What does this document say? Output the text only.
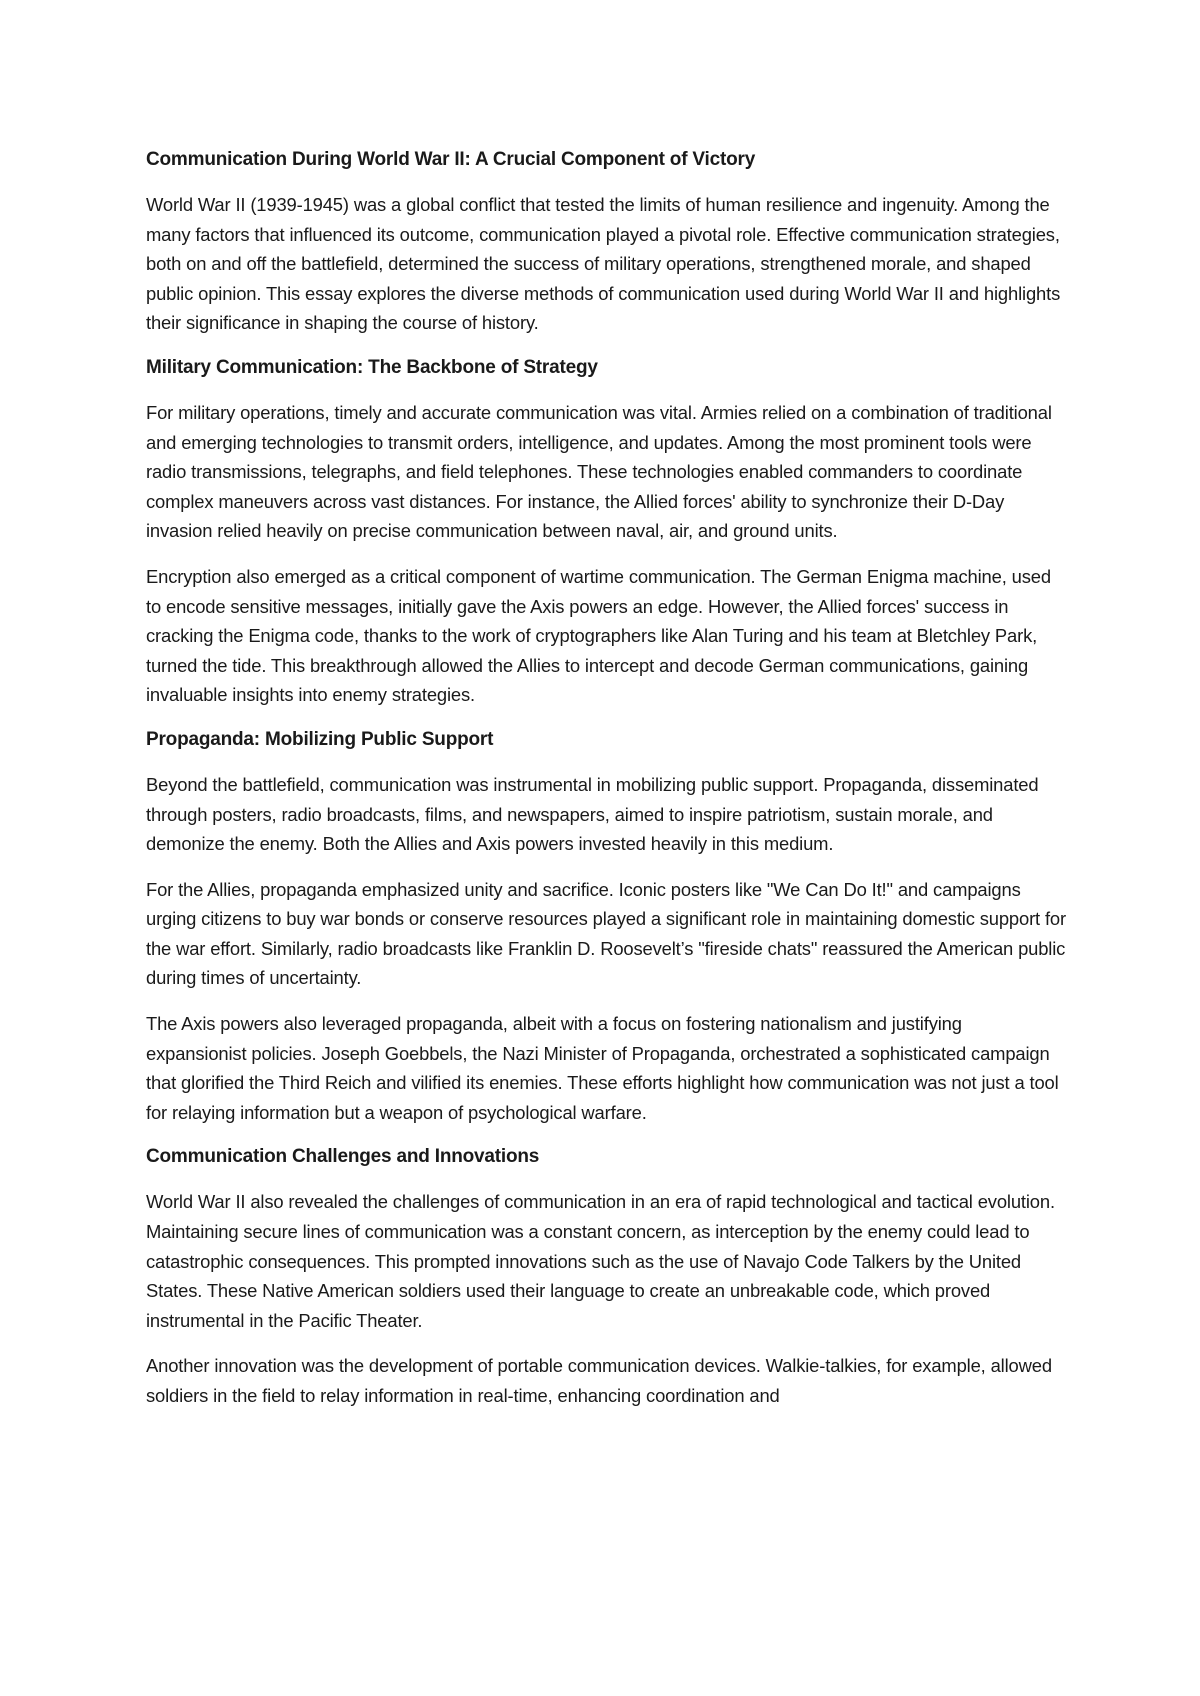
Communication During World War II: A Crucial Component of Victory

World War II (1939-1945) was a global conflict that tested the limits of human resilience and ingenuity. Among the many factors that influenced its outcome, communication played a pivotal role. Effective communication strategies, both on and off the battlefield, determined the success of military operations, strengthened morale, and shaped public opinion. This essay explores the diverse methods of communication used during World War II and highlights their significance in shaping the course of history.

Military Communication: The Backbone of Strategy

For military operations, timely and accurate communication was vital. Armies relied on a combination of traditional and emerging technologies to transmit orders, intelligence, and updates. Among the most prominent tools were radio transmissions, telegraphs, and field telephones. These technologies enabled commanders to coordinate complex maneuvers across vast distances. For instance, the Allied forces' ability to synchronize their D-Day invasion relied heavily on precise communication between naval, air, and ground units.

Encryption also emerged as a critical component of wartime communication. The German Enigma machine, used to encode sensitive messages, initially gave the Axis powers an edge. However, the Allied forces' success in cracking the Enigma code, thanks to the work of cryptographers like Alan Turing and his team at Bletchley Park, turned the tide. This breakthrough allowed the Allies to intercept and decode German communications, gaining invaluable insights into enemy strategies.

Propaganda: Mobilizing Public Support

Beyond the battlefield, communication was instrumental in mobilizing public support. Propaganda, disseminated through posters, radio broadcasts, films, and newspapers, aimed to inspire patriotism, sustain morale, and demonize the enemy. Both the Allies and Axis powers invested heavily in this medium.

For the Allies, propaganda emphasized unity and sacrifice. Iconic posters like "We Can Do It!" and campaigns urging citizens to buy war bonds or conserve resources played a significant role in maintaining domestic support for the war effort. Similarly, radio broadcasts like Franklin D. Roosevelt’s "fireside chats" reassured the American public during times of uncertainty.

The Axis powers also leveraged propaganda, albeit with a focus on fostering nationalism and justifying expansionist policies. Joseph Goebbels, the Nazi Minister of Propaganda, orchestrated a sophisticated campaign that glorified the Third Reich and vilified its enemies. These efforts highlight how communication was not just a tool for relaying information but a weapon of psychological warfare.

Communication Challenges and Innovations

World War II also revealed the challenges of communication in an era of rapid technological and tactical evolution. Maintaining secure lines of communication was a constant concern, as interception by the enemy could lead to catastrophic consequences. This prompted innovations such as the use of Navajo Code Talkers by the United States. These Native American soldiers used their language to create an unbreakable code, which proved instrumental in the Pacific Theater.

Another innovation was the development of portable communication devices. Walkie-talkies, for example, allowed soldiers in the field to relay information in real-time, enhancing coordination and
